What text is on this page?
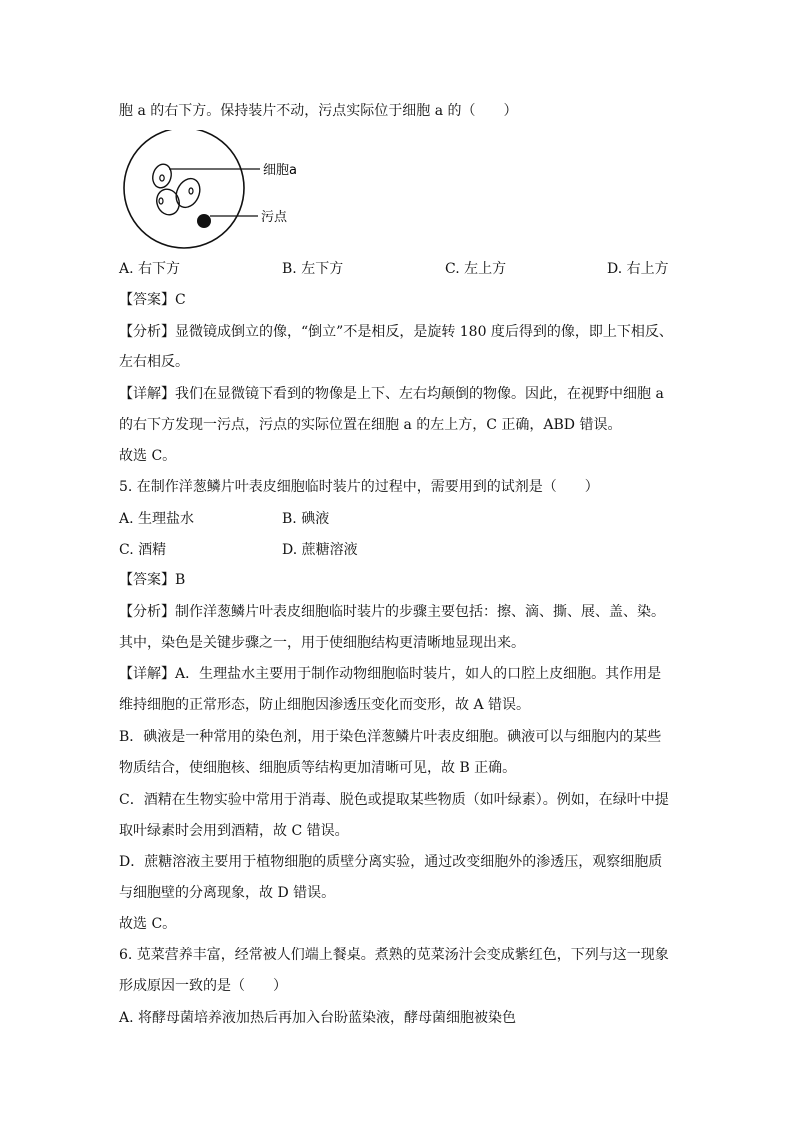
胞 a 的右下方。保持装片不动，污点实际位于细胞 a 的（　　）
细胞a
污点
A. 右下方	B. 左下方	C. 左上方	D. 右上方
【答案】C
【分析】显微镜成倒立的像，“倒立”不是相反，是旋转 180 度后得到的像，即上下相反、
左右相反。
【详解】我们在显微镜下看到的物像是上下、左右均颠倒的物像。因此，在视野中细胞 a
的右下方发现一污点，污点的实际位置在细胞 a 的左上方，C 正确，ABD 错误。
故选 C。
5. 在制作洋葱鳞片叶表皮细胞临时装片的过程中，需要用到的试剂是（　　）
A. 生理盐水	B. 碘液
C. 酒精	D. 蔗糖溶液
【答案】B
【分析】制作洋葱鳞片叶表皮细胞临时装片的步骤主要包括：擦、滴、撕、展、盖、染。
其中，染色是关键步骤之一，用于使细胞结构更清晰地显现出来。
【详解】A．生理盐水主要用于制作动物细胞临时装片，如人的口腔上皮细胞。其作用是
维持细胞的正常形态，防止细胞因渗透压变化而变形，故 A 错误。
B．碘液是一种常用的染色剂，用于染色洋葱鳞片叶表皮细胞。碘液可以与细胞内的某些
物质结合，使细胞核、细胞质等结构更加清晰可见，故 B 正确。
C．酒精在生物实验中常用于消毒、脱色或提取某些物质（如叶绿素）。例如，在绿叶中提
取叶绿素时会用到酒精，故 C 错误。
D．蔗糖溶液主要用于植物细胞的质壁分离实验，通过改变细胞外的渗透压，观察细胞质
与细胞壁的分离现象，故 D 错误。
故选 C。
6. 苋菜营养丰富，经常被人们端上餐桌。煮熟的苋菜汤汁会变成紫红色，下列与这一现象
形成原因一致的是（　　）
A. 将酵母菌培养液加热后再加入台盼蓝染液，酵母菌细胞被染色
